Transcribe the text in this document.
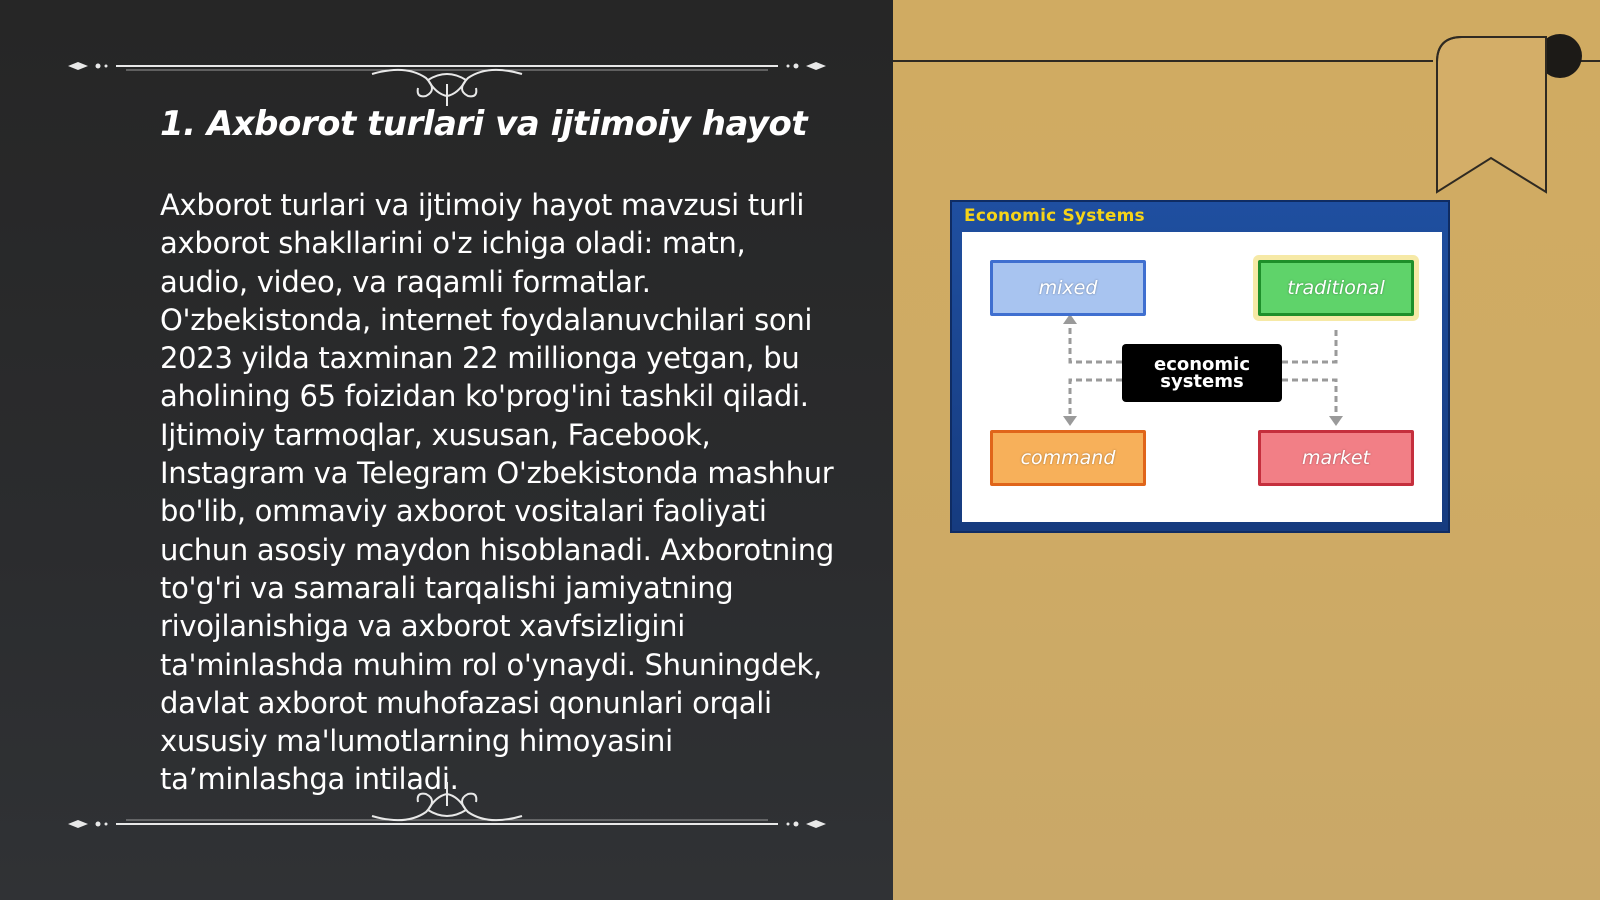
1. Axborot turlari va ijtimoiy hayot
Axborot turlari va ijtimoiy hayot mavzusi turli axborot shakllarini o'z ichiga oladi: matn, audio, video, va raqamli formatlar. O'zbekistonda, internet foydalanuvchilari soni 2023 yilda taxminan 22 millionga yetgan, bu aholining 65 foizidan ko'prog'ini tashkil qiladi. Ijtimoiy tarmoqlar, xususan, Facebook, Instagram va Telegram O'zbekistonda mashhur bo'lib, ommaviy axborot vositalari faoliyati uchun asosiy maydon hisoblanadi. Axborotning to'g'ri va samarali tarqalishi jamiyatning rivojlanishiga va axborot xavfsizligini ta'minlashda muhim rol o'ynaydi. Shuningdek, davlat axborot muhofazasi qonunlari orqali xususiy ma'lumotlarning himoyasini ta’minlashga intiladi.
Economic Systems
mixed	traditional
economic
systems
command	market
